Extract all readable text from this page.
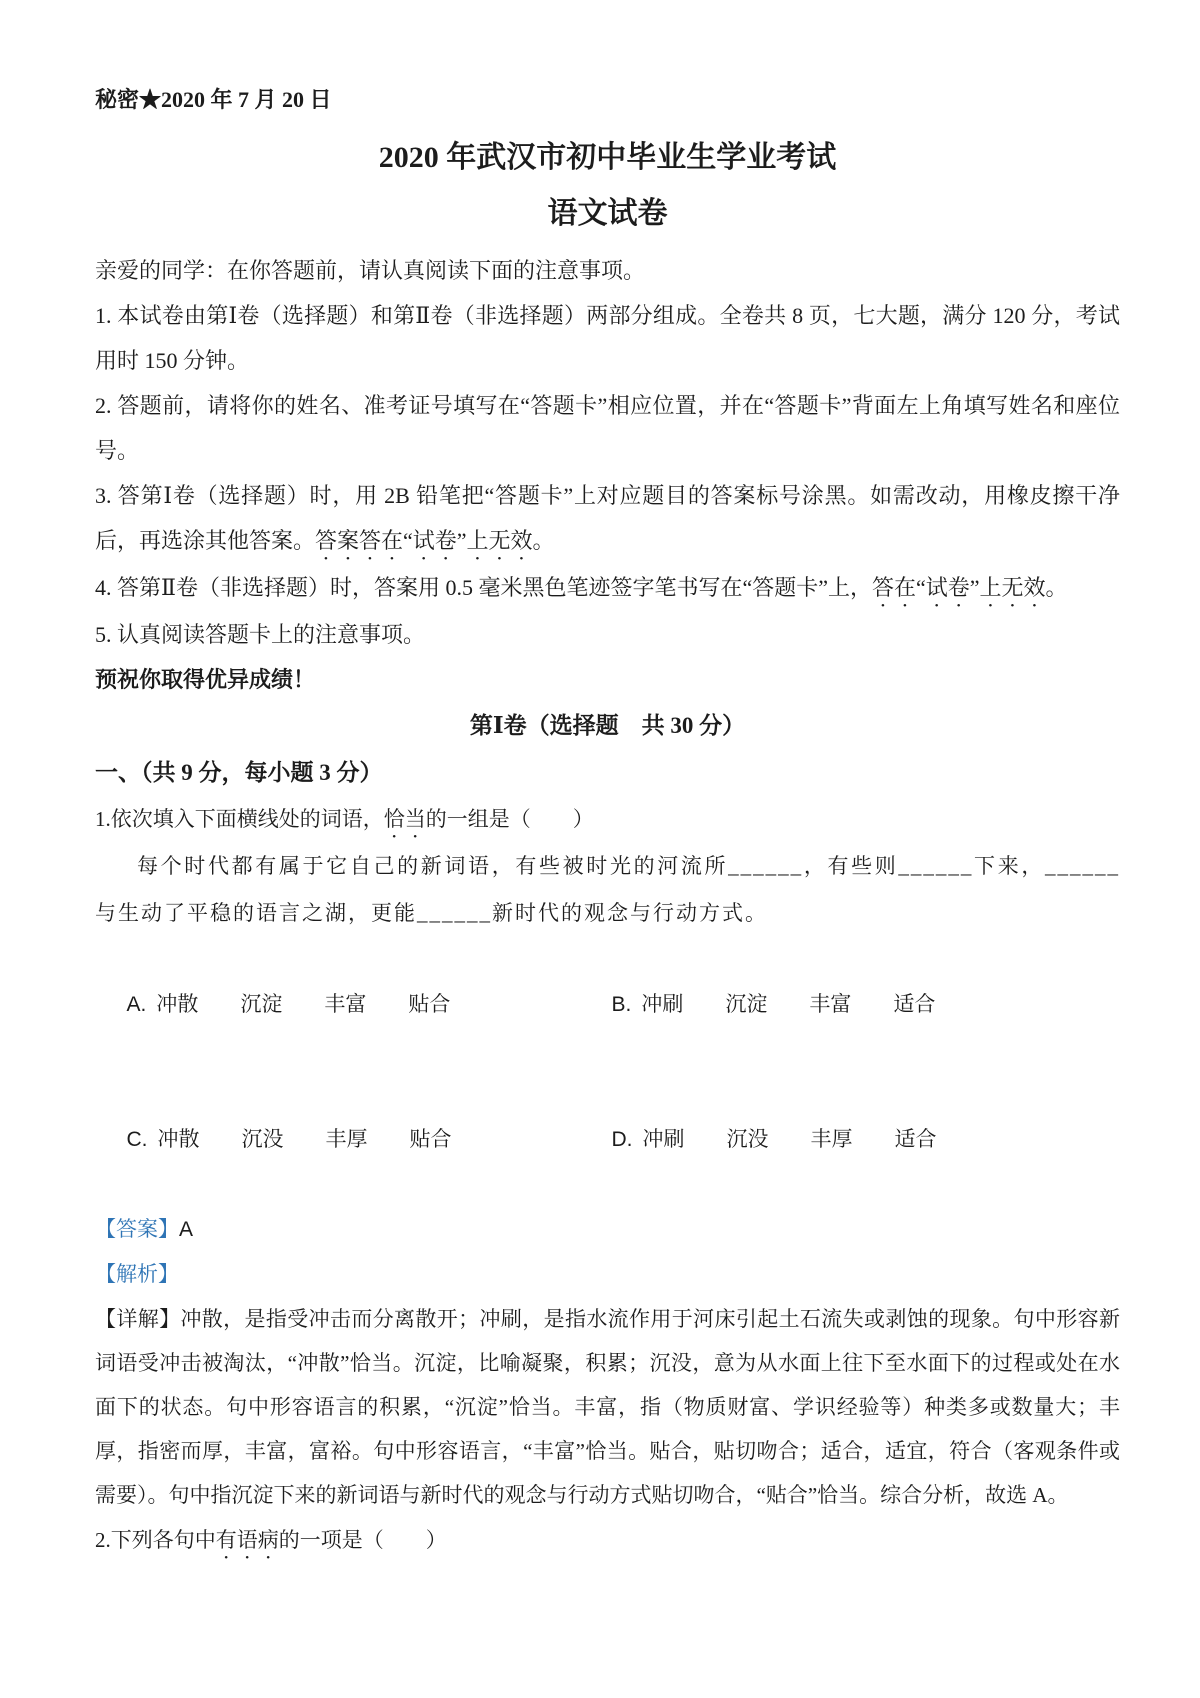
秘密★2020 年 7 月 20 日

2020 年武汉市初中毕业生学业考试
语文试卷

亲爱的同学：在你答题前，请认真阅读下面的注意事项。

1. 本试卷由第Ⅰ卷（选择题）和第Ⅱ卷（非选择题）两部分组成。全卷共 8 页，七大题，满分 120 分，考试用时 150 分钟。

2. 答题前，请将你的姓名、准考证号填写在“答题卡”相应位置，并在“答题卡”背面左上角填写姓名和座位号。

3. 答第Ⅰ卷（选择题）时，用 2B 铅笔把“答题卡”上对应题目的答案标号涂黑。如需改动，用橡皮擦干净后，再选涂其他答案。答案答在“试卷”上无效。

4. 答第Ⅱ卷（非选择题）时，答案用 0.5 毫米黑色笔迹签字笔书写在“答题卡”上，答在“试卷”上无效。

5. 认真阅读答题卡上的注意事项。

预祝你取得优异成绩！

第Ⅰ卷（选择题　共 30 分）

一、（共 9 分，每小题 3 分）

1.依次填入下面横线处的词语，恰当的一组是（　　）

每个时代都有属于它自己的新词语，有些被时光的河流所______，有些则______下来，______与生动了平稳的语言之湖，更能______新时代的观念与行动方式。

A. 冲散　　沉淀　　丰富　　贴合
	B. 冲刷　　沉淀　　丰富　　适合

C. 冲散　　沉没　　丰厚　　贴合
	D. 冲刷　　沉没　　丰厚　　适合

【答案】A

【解析】

【详解】冲散，是指受冲击而分离散开；冲刷，是指水流作用于河床引起土石流失或剥蚀的现象。句中形容新词语受冲击被淘汰，“冲散”恰当。沉淀，比喻凝聚，积累；沉没，意为从水面上往下至水面下的过程或处在水面下的状态。句中形容语言的积累，“沉淀”恰当。丰富，指（物质财富、学识经验等）种类多或数量大；丰厚，指密而厚，丰富，富裕。句中形容语言，“丰富”恰当。贴合，贴切吻合；适合，适宜，符合（客观条件或需要）。句中指沉淀下来的新词语与新时代的观念与行动方式贴切吻合，“贴合”恰当。综合分析，故选 A。

2.下列各句中有语病的一项是（　　）
